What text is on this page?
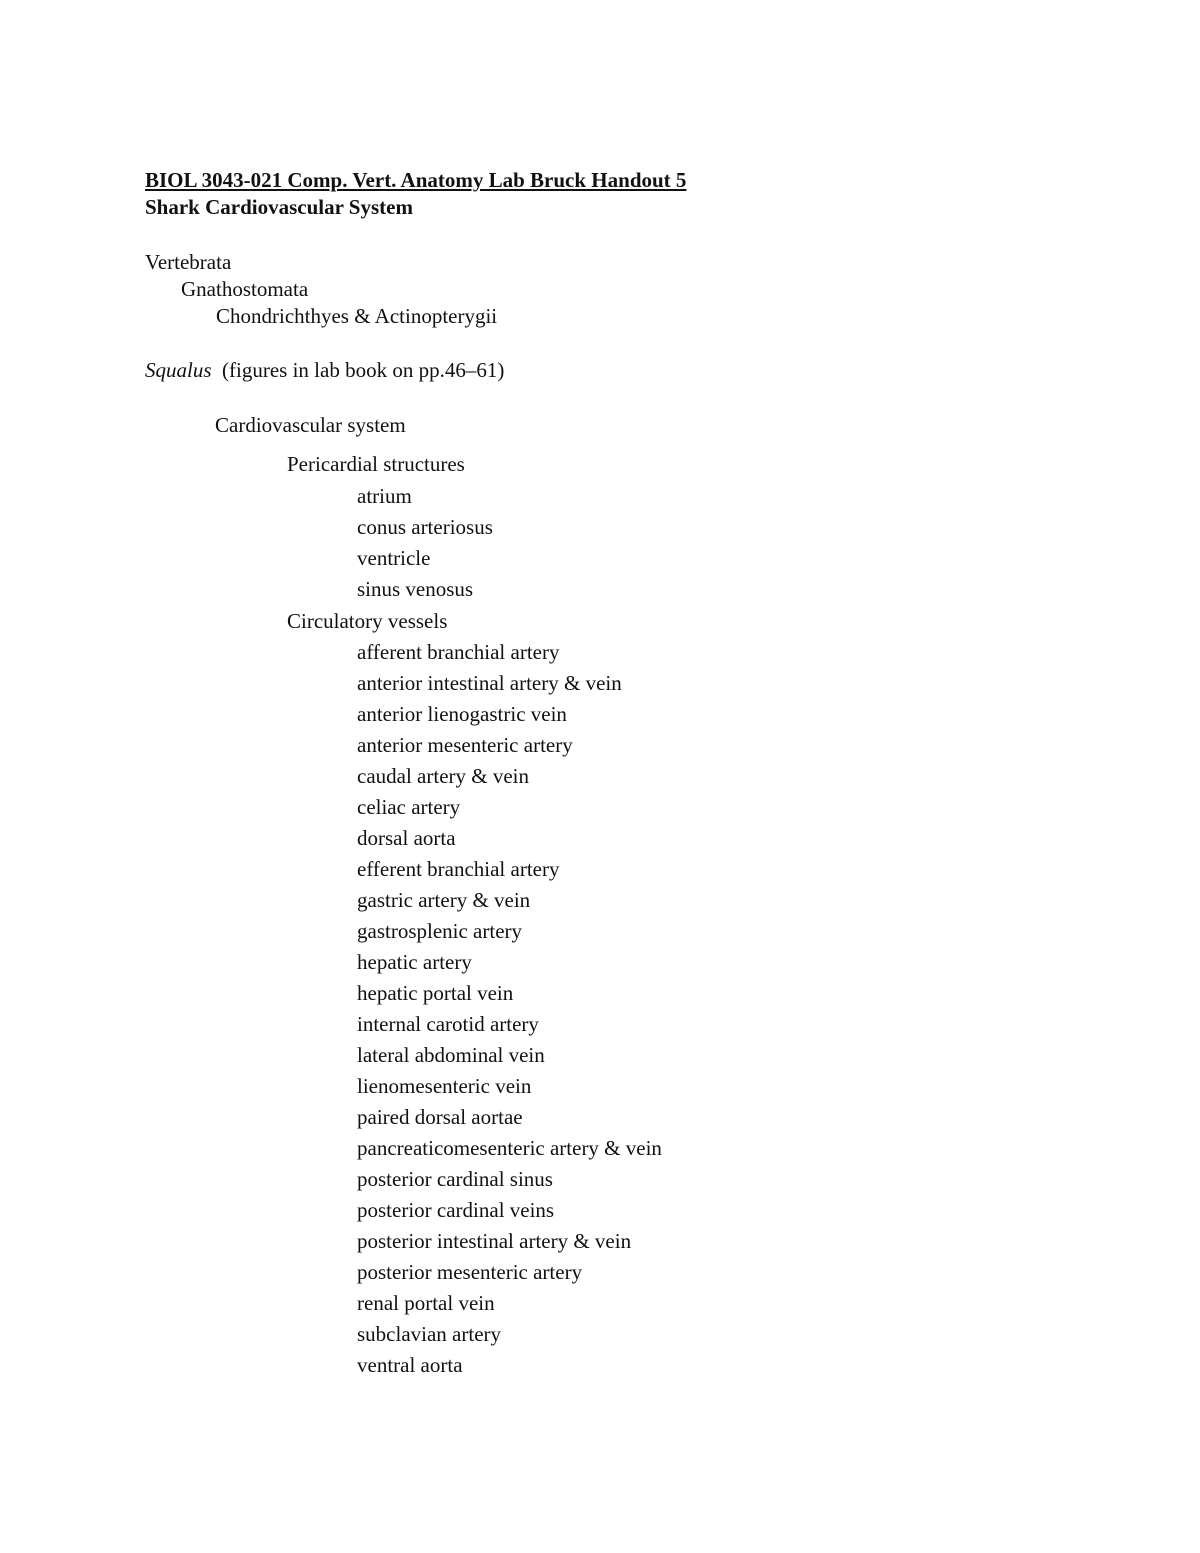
BIOL 3043-021 Comp. Vert. Anatomy Lab Bruck Handout 5
Shark Cardiovascular System
Vertebrata
Gnathostomata
Chondrichthyes & Actinopterygii
Squalus (figures in lab book on pp.46–61)
Cardiovascular system
Pericardial structures
atrium
conus arteriosus
ventricle
sinus venosus
Circulatory vessels
afferent branchial artery
anterior intestinal artery & vein
anterior lienogastric vein
anterior mesenteric artery
caudal artery & vein
celiac artery
dorsal aorta
efferent branchial artery
gastric artery & vein
gastrosplenic artery
hepatic artery
hepatic portal vein
internal carotid artery
lateral abdominal vein
lienomesenteric vein
paired dorsal aortae
pancreaticomesenteric artery & vein
posterior cardinal sinus
posterior cardinal veins
posterior intestinal artery & vein
posterior mesenteric artery
renal portal vein
subclavian artery
ventral aorta
